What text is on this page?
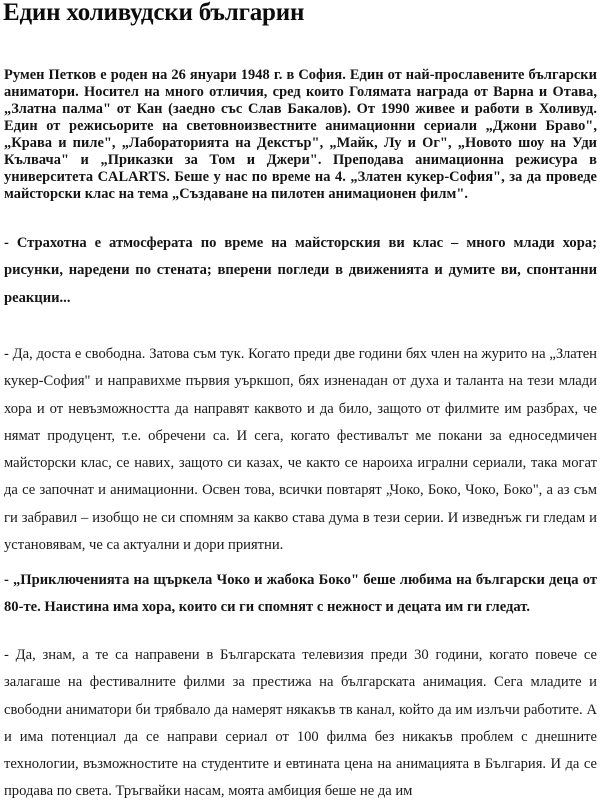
Един холивудски българин

Румен Петков е роден на 26 януари 1948 г. в София. Един от най-прославените български аниматори. Носител на много отличия, сред които Голямата награда от Варна и Отава, „Златна палма" от Кан (заедно със Слав Бакалов). От 1990 живее и работи в Холивуд. Един от режисьорите на световноизвестните анимационни сериали „Джони Браво", „Крава и пиле", „Лабораторията на Декстър", „Майк, Лу и Ог", „Новото шоу на Уди Кълвача" и „Приказки за Том и Джери". Преподава анимационна режисура в университета CALARTS. Беше у нас по време на 4. „Златен кукер-София", за да проведе майсторски клас на тема „Създаване на пилотен анимационен филм".

- Страхотна е атмосферата по време на майсторския ви клас – много млади хора; рисунки, наредени по стената; вперени погледи в движенията и думите ви, спонтанни реакции...

- Да, доста е свободна. Затова съм тук. Когато преди две години бях член на журито на „Златен кукер-София" и направихме първия уъркшоп, бях изненадан от духа и таланта на тези млади хора и от невъзможността да направят каквото и да било, защото от филмите им разбрах, че нямат продуцент, т.е. обречени са. И сега, когато фестивалът ме покани за едноседмичен майсторски клас, се навих, защото си казах, че както се нароиха игрални сериали, така могат да се започнат и анимационни. Освен това, всички повтарят „Чоко, Боко, Чоко, Боко", а аз съм ги забравил – изобщо не си спомням за какво става дума в тези серии. И изведнъж ги гледам и установявам, че са актуални и дори приятни.

- „Приключенията на щъркела Чоко и жабока Боко" беше любима на български деца от 80-те. Наистина има хора, които си ги спомнят с нежност и децата им ги гледат.

- Да, знам, а те са направени в Българската телевизия преди 30 години, когато повече се залагаше на фестивалните филми за престижа на българската анимация. Сега младите и свободни аниматори би трябвало да намерят някакъв тв канал, който да им излъчи работите. А и има потенциал да се направи сериал от 100 филма без никакъв проблем с днешните технологии, възможностите на студентите и евтината цена на анимацията в България. И да се продава по света. Тръгвайки насам, моята амбиция беше не да им
